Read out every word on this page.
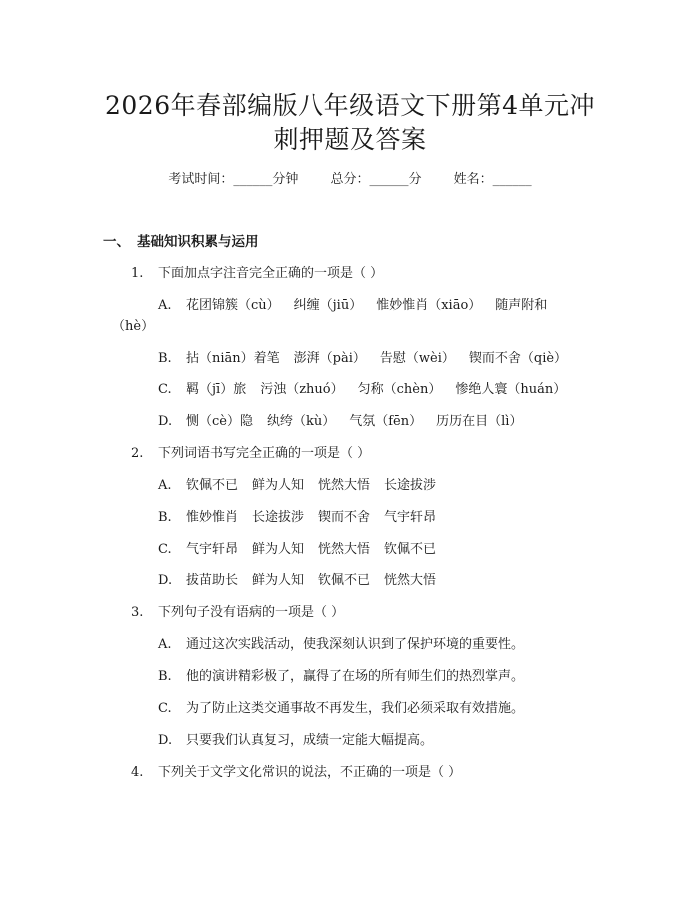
2026年春部编版八年级语文下册第4单元冲
刺押题及答案
考试时间：______分钟 总分：______分 姓名：______
一、 基础知识积累与运用
1. 下面加点字注音完全正确的一项是（ ）
A. 花团锦簇（cù） 纠缠（jiū） 惟妙惟肖（xiāo） 随声附和
（hè）
B. 拈（niān）着笔 澎湃（pài） 告慰（wèi） 锲而不舍（qiè）
C. 羁（jī）旅 污浊（zhuó） 匀称（chèn） 惨绝人寰（huán）
D. 恻（cè）隐 纨绔（kù） 气氛（fēn） 历历在目（lì）
2. 下列词语书写完全正确的一项是（ ）
A. 钦佩不已 鲜为人知 恍然大悟 长途拔涉
B. 惟妙惟肖 长途拔涉 锲而不舍 气宇轩昂
C. 气宇轩昂 鲜为人知 恍然大悟 钦佩不已
D. 拔苗助长 鲜为人知 钦佩不已 恍然大悟
3. 下列句子没有语病的一项是（ ）
A. 通过这次实践活动，使我深刻认识到了保护环境的重要性。
B. 他的演讲精彩极了，赢得了在场的所有师生们的热烈掌声。
C. 为了防止这类交通事故不再发生，我们必须采取有效措施。
D. 只要我们认真复习，成绩一定能大幅提高。
4. 下列关于文学文化常识的说法，不正确的一项是（ ）
